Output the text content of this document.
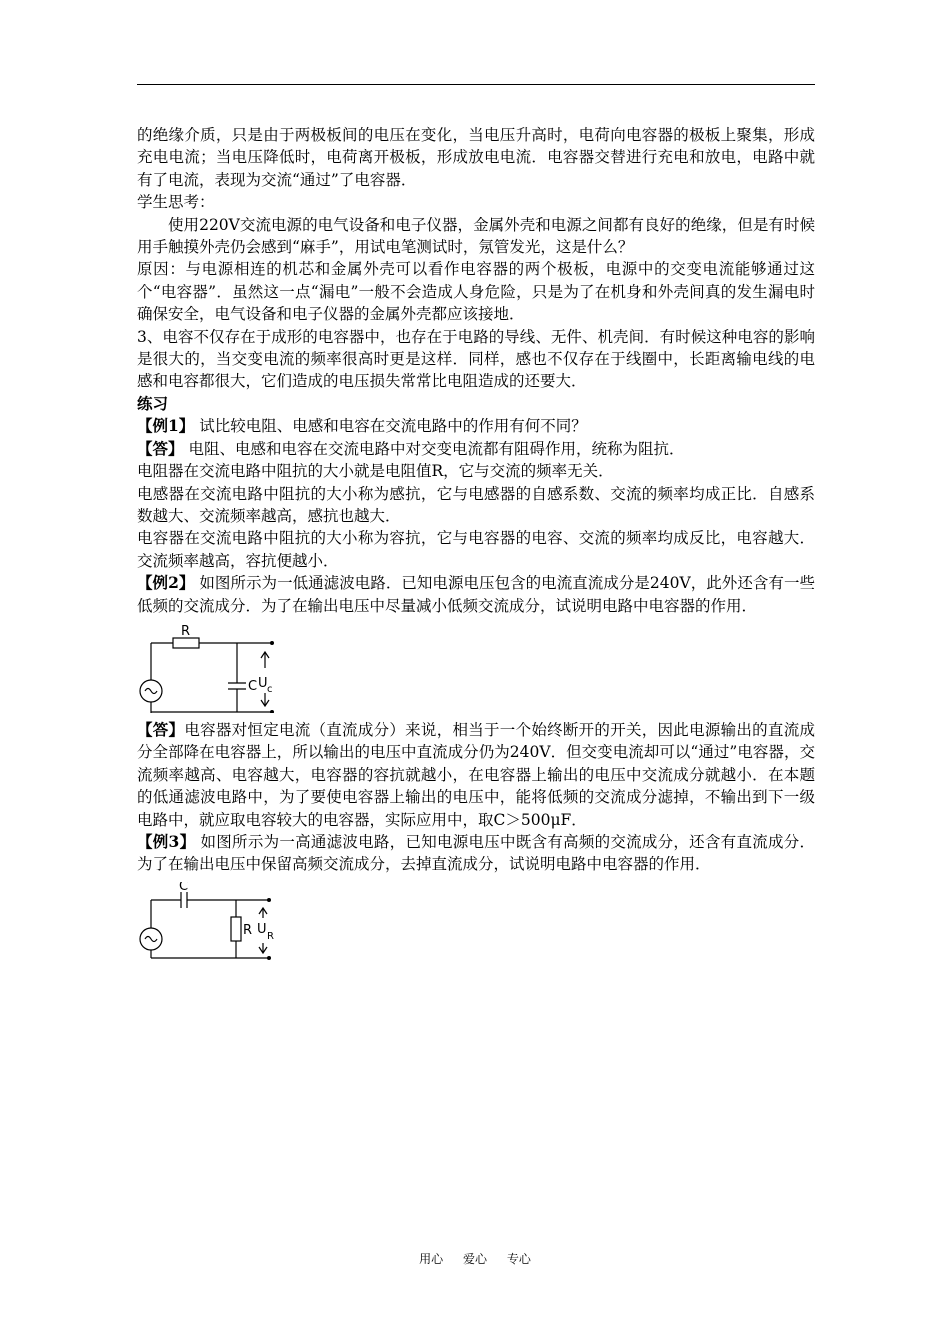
的绝缘介质，只是由于两极板间的电压在变化，当电压升高时，电荷向电容器的极板上聚集，形成充电电流；当电压降低时，电荷离开极板，形成放电电流．电容器交替进行充电和放电，电路中就有了电流，表现为交流“通过”了电容器．

学生思考：

使用220V交流电源的电气设备和电子仪器，金属外壳和电源之间都有良好的绝缘，但是有时候用手触摸外壳仍会感到“麻手”，用试电笔测试时，氖管发光，这是什么？

原因：与电源相连的机芯和金属外壳可以看作电容器的两个极板，电源中的交变电流能够通过这个“电容器”．虽然这一点“漏电”一般不会造成人身危险，只是为了在机身和外壳间真的发生漏电时确保安全，电气设备和电子仪器的金属外壳都应该接地．

3、电容不仅存在于成形的电容器中，也存在于电路的导线、无件、机壳间．有时候这种电容的影响是很大的，当交变电流的频率很高时更是这样．同样，感也不仅存在于线圈中，长距离输电线的电感和电容都很大，它们造成的电压损失常常比电阻造成的还要大．

练习

【例1】 试比较电阻、电感和电容在交流电路中的作用有何不同？

【答】 电阻、电感和电容在交流电路中对交变电流都有阻碍作用，统称为阻抗．

电阻器在交流电路中阻抗的大小就是电阻值R，它与交流的频率无关．

电感器在交流电路中阻抗的大小称为感抗，它与电感器的自感系数、交流的频率均成正比．自感系数越大、交流频率越高，感抗也越大．

电容器在交流电路中阻抗的大小称为容抗，它与电容器的电容、交流的频率均成反比，电容越大．交流频率越高，容抗便越小．

【例2】 如图所示为一低通滤波电路．已知电源电压包含的电流直流成分是240V，此外还含有一些低频的交流成分．为了在输出电压中尽量减小低频交流成分，试说明电路中电容器的作用．

R
C U c

【答】电容器对恒定电流（直流成分）来说，相当于一个始终断开的开关，因此电源输出的直流成分全部降在电容器上，所以输出的电压中直流成分仍为240V．但交变电流却可以“通过”电容器，交流频率越高、电容越大，电容器的容抗就越小，在电容器上输出的电压中交流成分就越小．在本题的低通滤波电路中，为了要使电容器上输出的电压中，能将低频的交流成分滤掉，不输出到下一级电路中，就应取电容较大的电容器，实际应用中，取C＞500μF．

【例3】 如图所示为一高通滤波电路，已知电源电压中既含有高频的交流成分，还含有直流成分．为了在输出电压中保留高频交流成分，去掉直流成分，试说明电路中电容器的作用．

C
R U R
用心 爱心 专心
